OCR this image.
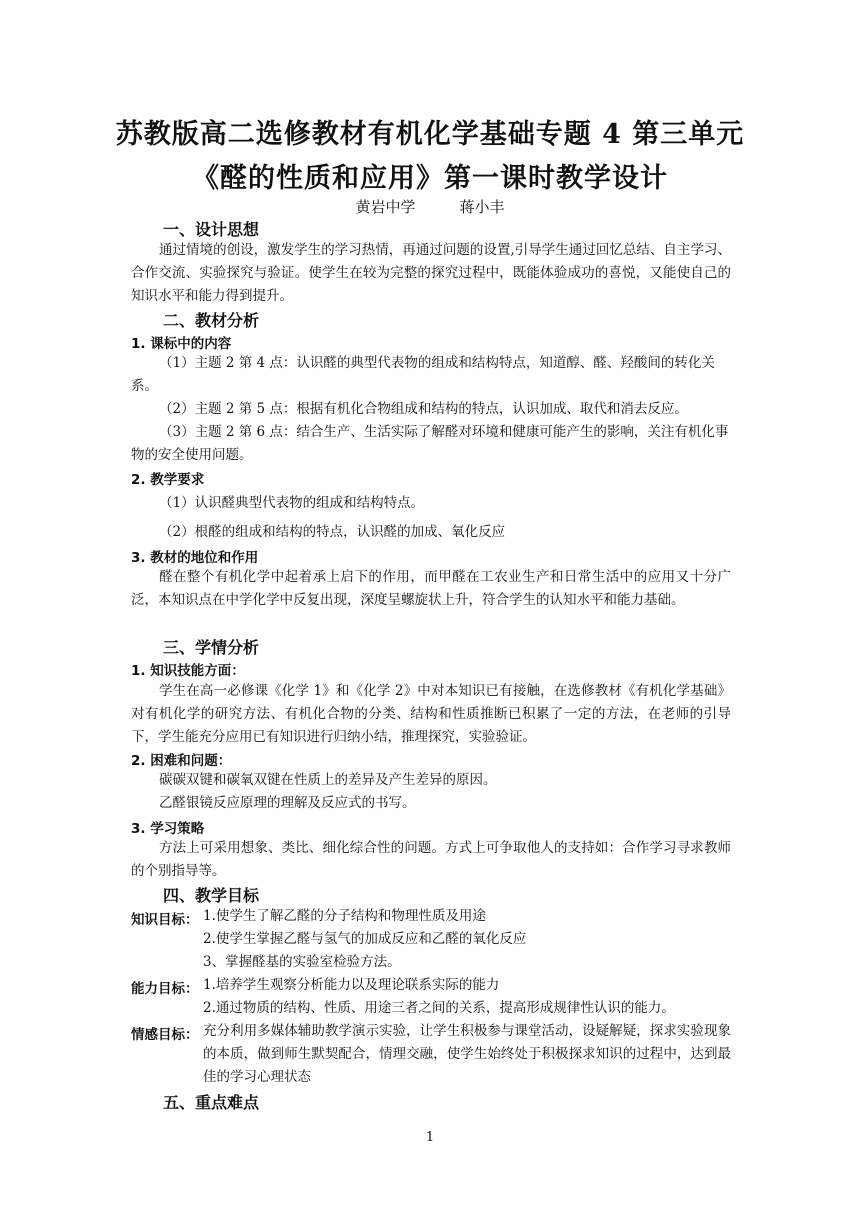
苏教版高二选修教材有机化学基础专题 4 第三单元
《醛的性质和应用》第一课时教学设计
黄岩中学	蒋小丰
一、设计思想
通过情境的创设，激发学生的学习热情，再通过问题的设置,引导学生通过回忆总结、自主学习、合作交流、实验探究与验证。使学生在较为完整的探究过程中，既能体验成功的喜悦，又能使自己的知识水平和能力得到提升。
二、教材分析
1. 课标中的内容
（1）主题 2 第 4 点：认识醛的典型代表物的组成和结构特点，知道醇、醛、羟酸间的转化关系。
（2）主题 2 第 5 点：根据有机化合物组成和结构的特点，认识加成、取代和消去反应。
（3）主题 2 第 6 点：结合生产、生活实际了解醛对环境和健康可能产生的影响，关注有机化事物的安全使用问题。
2. 教学要求
（1）认识醛典型代表物的组成和结构特点。
（2）根醛的组成和结构的特点，认识醛的加成、氧化反应
3. 教材的地位和作用
醛在整个有机化学中起着承上启下的作用，而甲醛在工农业生产和日常生活中的应用又十分广泛，本知识点在中学化学中反复出现，深度呈螺旋状上升，符合学生的认知水平和能力基础。
三、学情分析
1. 知识技能方面：
学生在高一必修课《化学 1》和《化学 2》中对本知识已有接触，在选修教材《有机化学基础》对有机化学的研究方法、有机化合物的分类、结构和性质推断已积累了一定的方法，在老师的引导下，学生能充分应用已有知识进行归纳小结，推理探究，实验验证。
2. 困难和问题：
碳碳双键和碳氧双键在性质上的差异及产生差异的原因。
乙醛银镜反应原理的理解及反应式的书写。
3. 学习策略
方法上可采用想象、类比、细化综合性的问题。方式上可争取他人的支持如：合作学习寻求教师的个别指导等。
四、教学目标
知识目标： 1.使学生了解乙醛的分子结构和物理性质及用途
2.使学生掌握乙醛与氢气的加成反应和乙醛的氧化反应
3、掌握醛基的实验室检验方法。
能力目标： 1.培养学生观察分析能力以及理论联系实际的能力
2.通过物质的结构、性质、用途三者之间的关系，提高形成规律性认识的能力。
情感目标： 充分利用多媒体辅助教学演示实验，让学生积极参与课堂活动，设疑解疑，探求实验现象的本质，做到师生默契配合，情理交融，使学生始终处于积极探求知识的过程中，达到最佳的学习心理状态
五、重点难点
1
